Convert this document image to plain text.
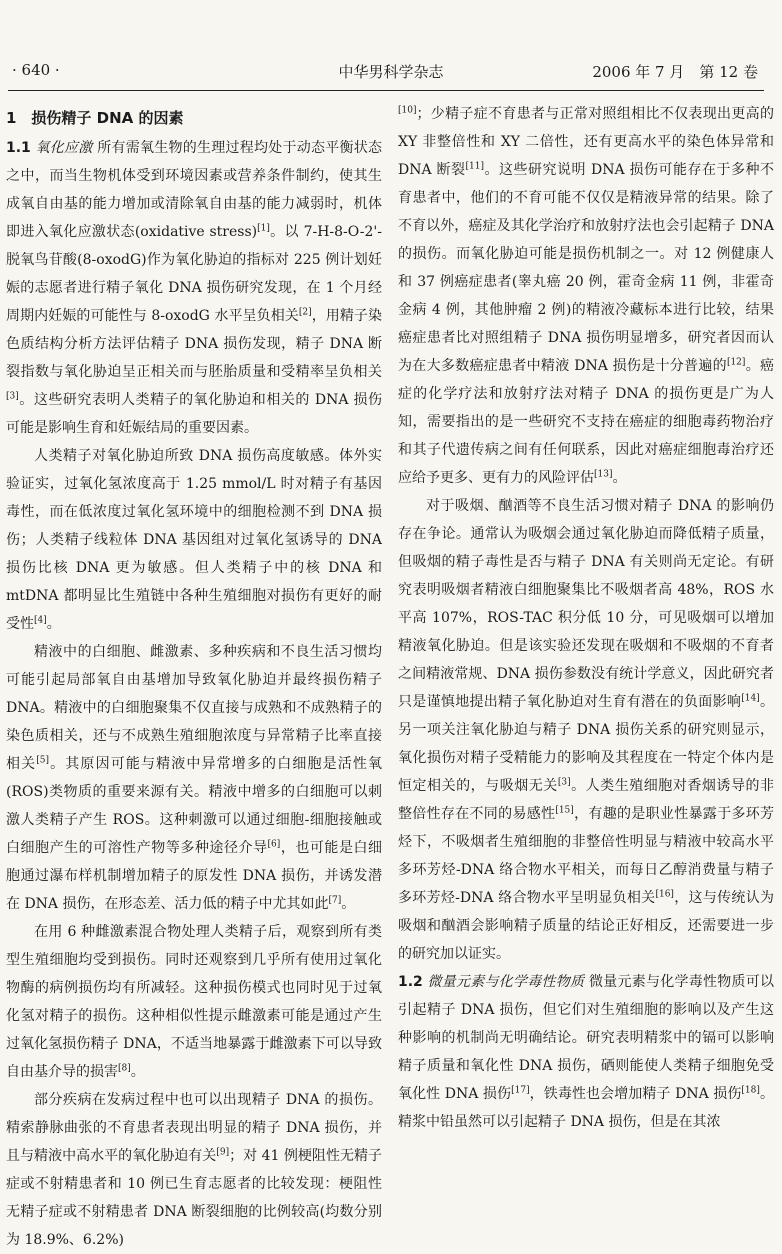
· 640 ·	中华男科学杂志	2006 年 7 月　第 12 卷
1　损伤精子 DNA 的因素

1.1 氧化应激 所有需氧生物的生理过程均处于动态平衡状态之中，而当生物机体受到环境因素或营养条件制约，使其生成氧自由基的能力增加或清除氧自由基的能力减弱时，机体即进入氧化应激状态(oxidative stress)[1]。以 7-H-8-O-2'-脱氧鸟苷酸(8-oxodG)作为氧化胁迫的指标对 225 例计划妊娠的志愿者进行精子氧化 DNA 损伤研究发现，在 1 个月经周期内妊娠的可能性与 8-oxodG 水平呈负相关[2]，用精子染色质结构分析方法评估精子 DNA 损伤发现，精子 DNA 断裂指数与氧化胁迫呈正相关而与胚胎质量和受精率呈负相关[3]。这些研究表明人类精子的氧化胁迫和相关的 DNA 损伤可能是影响生育和妊娠结局的重要因素。

人类精子对氧化胁迫所致 DNA 损伤高度敏感。体外实验证实，过氧化氢浓度高于 1.25 mmol/L 时对精子有基因毒性，而在低浓度过氧化氢环境中的细胞检测不到 DNA 损伤；人类精子线粒体 DNA 基因组对过氧化氢诱导的 DNA 损伤比核 DNA 更为敏感。但人类精子中的核 DNA 和 mtDNA 都明显比生殖链中各种生殖细胞对损伤有更好的耐受性[4]。

精液中的白细胞、雌激素、多种疾病和不良生活习惯均可能引起局部氧自由基增加导致氧化胁迫并最终损伤精子 DNA。精液中的白细胞聚集不仅直接与成熟和不成熟精子的染色质相关，还与不成熟生殖细胞浓度与异常精子比率直接相关[5]。其原因可能与精液中异常增多的白细胞是活性氧(ROS)类物质的重要来源有关。精液中增多的白细胞可以刺激人类精子产生 ROS。这种刺激可以通过细胞-细胞接触或白细胞产生的可溶性产物等多种途径介导[6]，也可能是白细胞通过瀑布样机制增加精子的原发性 DNA 损伤，并诱发潜在 DNA 损伤，在形态差、活力低的精子中尤其如此[7]。

在用 6 种雌激素混合物处理人类精子后，观察到所有类型生殖细胞均受到损伤。同时还观察到几乎所有使用过氧化物酶的病例损伤均有所减轻。这种损伤模式也同时见于过氧化氢对精子的损伤。这种相似性提示雌激素可能是通过产生过氧化氢损伤精子 DNA，不适当地暴露于雌激素下可以导致自由基介导的损害[8]。

部分疾病在发病过程中也可以出现精子 DNA 的损伤。精索静脉曲张的不育患者表现出明显的精子 DNA 损伤，并且与精液中高水平的氧化胁迫有关[9]；对 41 例梗阻性无精子症或不射精患者和 10 例已生育志愿者的比较发现：梗阻性无精子症或不射精患者 DNA 断裂细胞的比例较高(均数分别为 18.9%、6.2%)

[10]；少精子症不育患者与正常对照组相比不仅表现出更高的 XY 非整倍性和 XY 二倍性，还有更高水平的染色体异常和 DNA 断裂[11]。这些研究说明 DNA 损伤可能存在于多种不育患者中，他们的不育可能不仅仅是精液异常的结果。除了不育以外，癌症及其化学治疗和放射疗法也会引起精子 DNA 的损伤。而氧化胁迫可能是损伤机制之一。对 12 例健康人和 37 例癌症患者(睾丸癌 20 例，霍奇金病 11 例，非霍奇金病 4 例，其他肿瘤 2 例)的精液冷藏标本进行比较，结果癌症患者比对照组精子 DNA 损伤明显增多，研究者因而认为在大多数癌症患者中精液 DNA 损伤是十分普遍的[12]。癌症的化学疗法和放射疗法对精子 DNA 的损伤更是广为人知，需要指出的是一些研究不支持在癌症的细胞毒药物治疗和其子代遗传病之间有任何联系，因此对癌症细胞毒治疗还应给予更多、更有力的风险评估[13]。

对于吸烟、酗酒等不良生活习惯对精子 DNA 的影响仍存在争论。通常认为吸烟会通过氧化胁迫而降低精子质量，但吸烟的精子毒性是否与精子 DNA 有关则尚无定论。有研究表明吸烟者精液白细胞聚集比不吸烟者高 48%，ROS 水平高 107%，ROS-TAC 积分低 10 分，可见吸烟可以增加精液氧化胁迫。但是该实验还发现在吸烟和不吸烟的不育者之间精液常规、DNA 损伤参数没有统计学意义，因此研究者只是谨慎地提出精子氧化胁迫对生育有潜在的负面影响[14]。另一项关注氧化胁迫与精子 DNA 损伤关系的研究则显示，氧化损伤对精子受精能力的影响及其程度在一特定个体内是恒定相关的，与吸烟无关[3]。人类生殖细胞对香烟诱导的非整倍性存在不同的易感性[15]，有趣的是职业性暴露于多环芳烃下，不吸烟者生殖细胞的非整倍性明显与精液中较高水平多环芳烃-DNA 络合物水平相关，而每日乙醇消费量与精子多环芳烃-DNA 络合物水平呈明显负相关[16]，这与传统认为吸烟和酗酒会影响精子质量的结论正好相反，还需要进一步的研究加以证实。

1.2 微量元素与化学毒性物质 微量元素与化学毒性物质可以引起精子 DNA 损伤，但它们对生殖细胞的影响以及产生这种影响的机制尚无明确结论。研究表明精浆中的镉可以影响精子质量和氧化性 DNA 损伤，硒则能使人类精子细胞免受氧化性 DNA 损伤[17]，铁毒性也会增加精子 DNA 损伤[18]。精浆中铅虽然可以引起精子 DNA 损伤，但是在其浓
